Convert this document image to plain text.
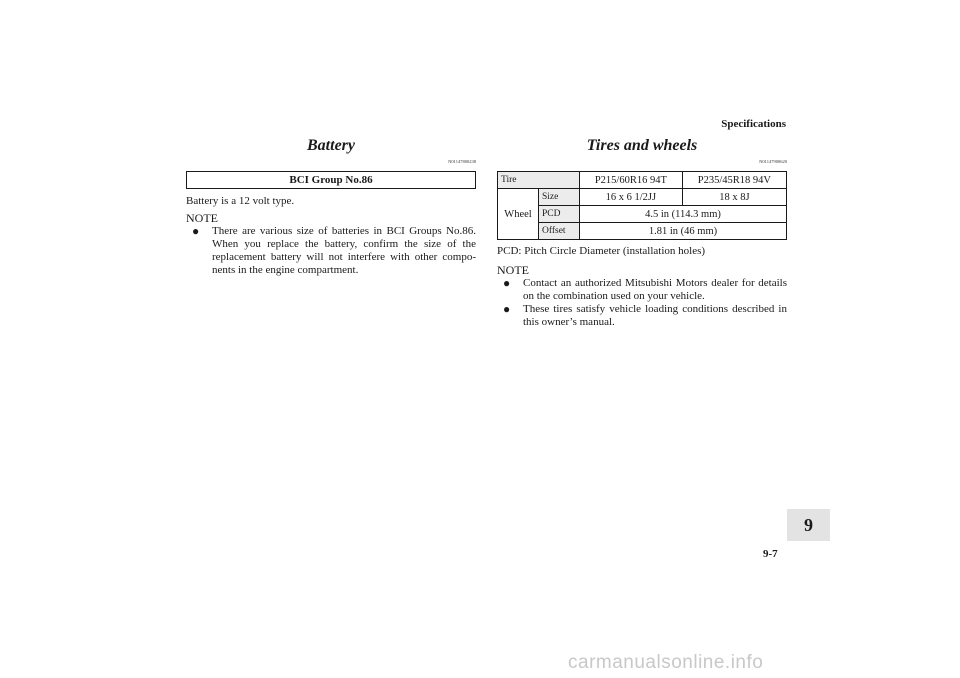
Specifications
Battery
N01147800238
BCI Group No.86
Battery is a 12 volt type.
NOTE
● There are various size of batteries in BCI Groups No.86. When you replace the battery, confirm the size of the replacement battery will not interfere with other compo-nents in the engine compartment.
Tires and wheels
N01147900620
Tire		P215/60R16 94T	P235/45R18 94V
Wheel	Size	16 x 6 1/2JJ	18 x 8J
	PCD	4.5 in (114.3 mm)	
	Offset	1.81 in (46 mm)	
PCD: Pitch Circle Diameter (installation holes)
NOTE
● Contact an authorized Mitsubishi Motors dealer for details on the combination used on your vehicle.
● These tires satisfy vehicle loading conditions described in this owner’s manual.
9
9-7
carmanualsonline.info
